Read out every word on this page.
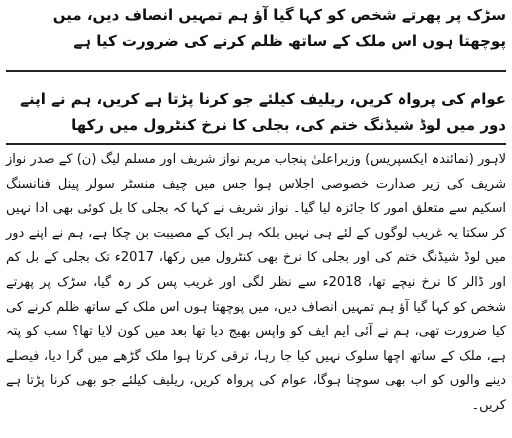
سڑک پر پھرتے شخص کو کہا گیا آؤ ہم تمہیں انصاف دیں، میں پوچھتا ہوں اس ملک کے ساتھ ظلم کرنے کی ضرورت کیا ہے
عوام کی پرواہ کریں، ریلیف کیلئے جو کرنا پڑتا ہے کریں، ہم نے اپنے دور میں لوڈ شیڈنگ ختم کی، بجلی کا نرخ کنٹرول میں رکھا

لاہور (نمائندہ ایکسپریس) وزیراعلیٰ پنجاب مریم نواز شریف اور مسلم لیگ (ن) کے صدر نواز شریف کی زیر صدارت خصوصی اجلاس ہوا جس میں چیف منسٹر سولر پینل فنانسنگ اسکیم سے متعلق امور کا جائزہ لیا گیا۔ نواز شریف نے کہا کہ بجلی کا بل کوئی بھی ادا نہیں کر سکتا یہ غریب لوگوں کے لئے ہی نہیں بلکہ ہر ایک کے مصیبت بن چکا ہے، ہم نے اپنے دور میں لوڈ شیڈنگ ختم کی اور بجلی کا نرخ بھی کنٹرول میں رکھا، 2017ء تک بجلی کے بل کم اور ڈالر کا نرخ نیچے تھا، 2018ء سے نظر لگی اور غریب پس کر رہ گیا، سڑک پر پھرتے شخص کو کہا گیا آؤ ہم تمہیں انصاف دیں، میں پوچھتا ہوں اس ملک کے ساتھ ظلم کرنے کی کیا ضرورت تھی، ہم نے آئی ایم ایف کو واپس بھیج دیا تھا بعد میں کون لایا تھا؟ سب کو پتہ ہے، ملک کے ساتھ اچھا سلوک نہیں کیا جا رہا، ترقی کرتا ہوا ملک گڑھے میں گرا دیا، فیصلے دینے والوں کو اب بھی سوچنا ہوگا، عوام کی پرواہ کریں، ریلیف کیلئے جو بھی کرنا پڑتا ہے کریں۔
